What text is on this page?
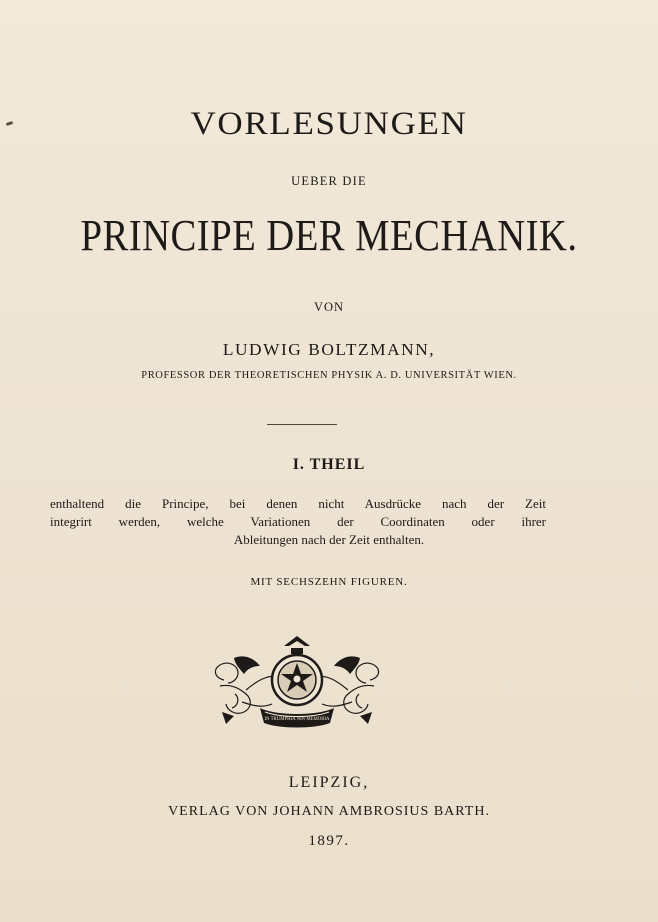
VORLESUNGEN
UEBER DIE
PRINCIPE DER MECHANIK.
VON
LUDWIG BOLTZMANN,
PROFESSOR DER THEORETISCHEN PHYSIK A. D. UNIVERSITÄT WIEN.
I. THEIL
enthaltend die Principe, bei denen nicht Ausdrücke nach der Zeit
integrirt werden, welche Variationen der Coordinaten oder ihrer
Ableitungen nach der Zeit enthalten.
MIT SECHSZEHN FIGUREN.
IN TRUMPHIA NIN MEMORIA
LEIPZIG,
VERLAG VON JOHANN AMBROSIUS BARTH.
1897.
